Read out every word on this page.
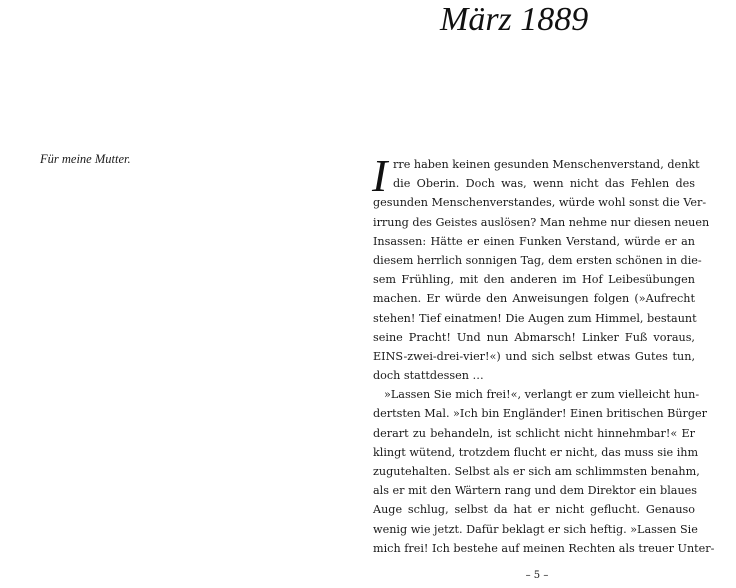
März 1889
Für meine Mutter.	I rre haben keinen gesunden Menschenverstand, denkt
die Oberin. Doch was, wenn nicht das Fehlen des
gesunden Menschenverstandes, würde wohl sonst die Ver-
irrung des Geistes auslösen? Man nehme nur diesen neuen
Insassen: Hätte er einen Funken Verstand, würde er an
diesem herrlich sonnigen Tag, dem ersten schönen in die-
sem Frühling, mit den anderen im Hof Leibesübungen
machen. Er würde den Anweisungen folgen (»Aufrecht
stehen! Tief einatmen! Die Augen zum Himmel, bestaunt
seine Pracht! Und nun Abmarsch! Linker Fuß voraus,
EINS-zwei-drei-vier!«) und sich selbst etwas Gutes tun,
doch stattdessen …
»Lassen Sie mich frei!«, verlangt er zum vielleicht hun-
dertsten Mal. »Ich bin Engländer! Einen britischen Bürger
derart zu behandeln, ist schlicht nicht hinnehmbar!« Er
klingt wütend, trotzdem flucht er nicht, das muss sie ihm
zugutehalten. Selbst als er sich am schlimmsten benahm,
als er mit den Wärtern rang und dem Direktor ein blaues
Auge schlug, selbst da hat er nicht geflucht. Genauso
wenig wie jetzt. Dafür beklagt er sich heftig. »Lassen Sie
mich frei! Ich bestehe auf meinen Rechten als treuer Unter-
– 5 –
